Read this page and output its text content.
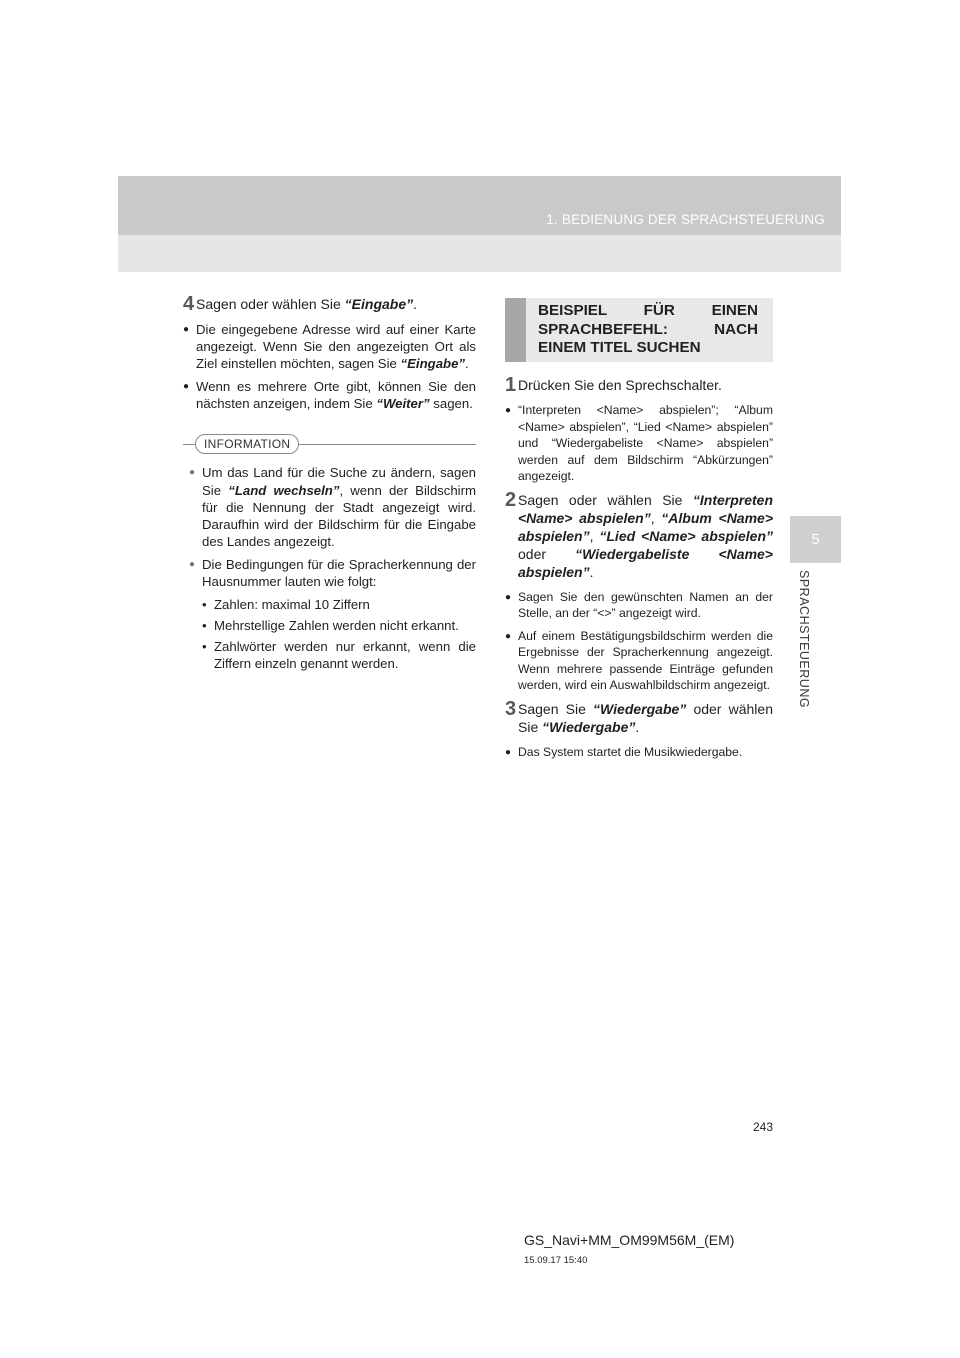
1. BEDIENUNG DER SPRACHSTEUERUNG
5
SPRACHSTEUERUNG
4 Sagen oder wählen Sie “Eingabe”.
● Die eingegebene Adresse wird auf einer Karte angezeigt. Wenn Sie den angezeigten Ort als Ziel einstellen möchten, sagen Sie “Eingabe”.
● Wenn es mehrere Orte gibt, können Sie den nächsten anzeigen, indem Sie “Weiter” sagen.
INFORMATION
● Um das Land für die Suche zu ändern, sagen Sie “Land wechseln”, wenn der Bildschirm für die Nennung der Stadt angezeigt wird. Daraufhin wird der Bildschirm für die Eingabe des Landes angezeigt.
● Die Bedingungen für die Spracherkennung der Hausnummer lauten wie folgt:
• Zahlen: maximal 10 Ziffern
• Mehrstellige Zahlen werden nicht erkannt.
• Zahlwörter werden nur erkannt, wenn die Ziffern einzeln genannt werden.
BEISPIEL FÜR EINEN SPRACHBEFEHL: NACH EINEM TITEL SUCHEN
1 Drücken Sie den Sprechschalter.
● “Interpreten <Name> abspielen”; “Album <Name> abspielen”, “Lied <Name> abspielen” und “Wiedergabeliste <Name> abspielen” werden auf dem Bildschirm “Abkürzungen” angezeigt.
2 Sagen oder wählen Sie “Interpreten <Name> abspielen”, “Album <Name> abspielen”, “Lied <Name> abspielen” oder “Wiedergabeliste <Name> abspielen”.
● Sagen Sie den gewünschten Namen an der Stelle, an der “<>” angezeigt wird.
● Auf einem Bestätigungsbildschirm werden die Ergebnisse der Spracherkennung angezeigt. Wenn mehrere passende Einträge gefunden werden, wird ein Auswahlbildschirm angezeigt.
3 Sagen Sie “Wiedergabe” oder wählen Sie “Wiedergabe”.
● Das System startet die Musikwiedergabe.
243
GS_Navi+MM_OM99M56M_(EM)
15.09.17 15:40
